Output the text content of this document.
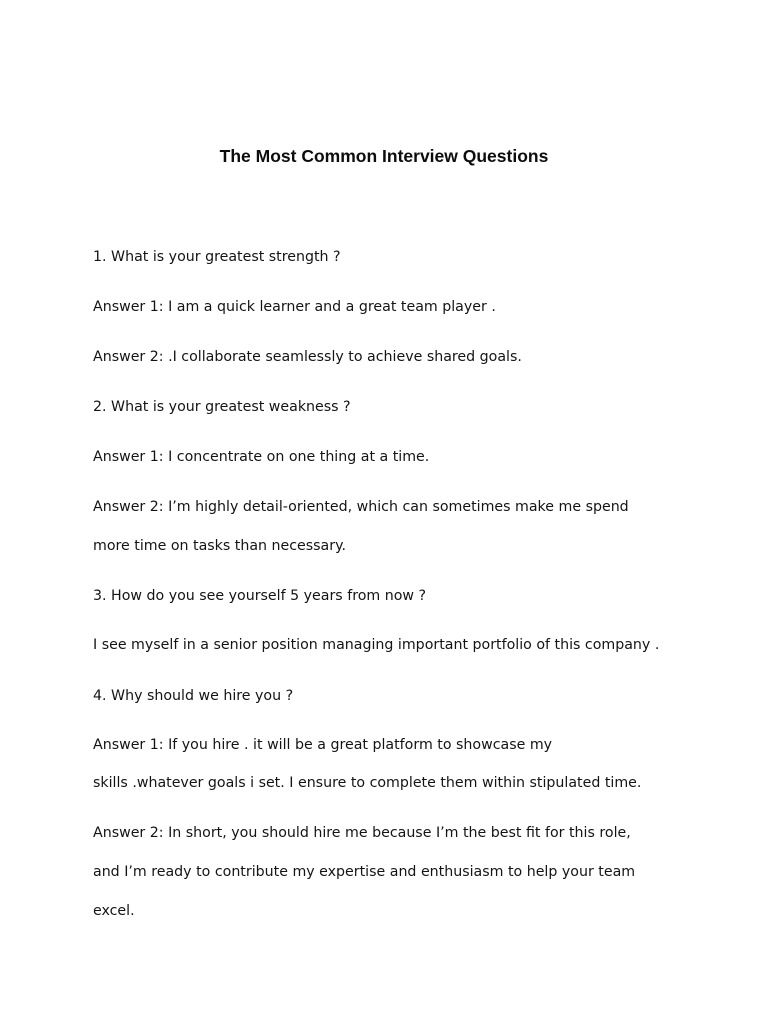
The Most Common Interview Questions

1. What is your greatest strength ?

Answer 1: I am a quick learner and a great team player .

Answer 2: .I collaborate seamlessly to achieve shared goals.

2. What is your greatest weakness ?

Answer 1: I concentrate on one thing at a time.

Answer 2: I’m highly detail-oriented, which can sometimes make me spend

more time on tasks than necessary.

3. How do you see yourself 5 years from now ?

I see myself in a senior position managing important portfolio of this company .

4. Why should we hire you ?

Answer 1: If you hire . it will be a great platform to showcase my

skills .whatever goals i set. I ensure to complete them within stipulated time.

Answer 2: In short, you should hire me because I’m the best fit for this role,

and I’m ready to contribute my expertise and enthusiasm to help your team

excel.
